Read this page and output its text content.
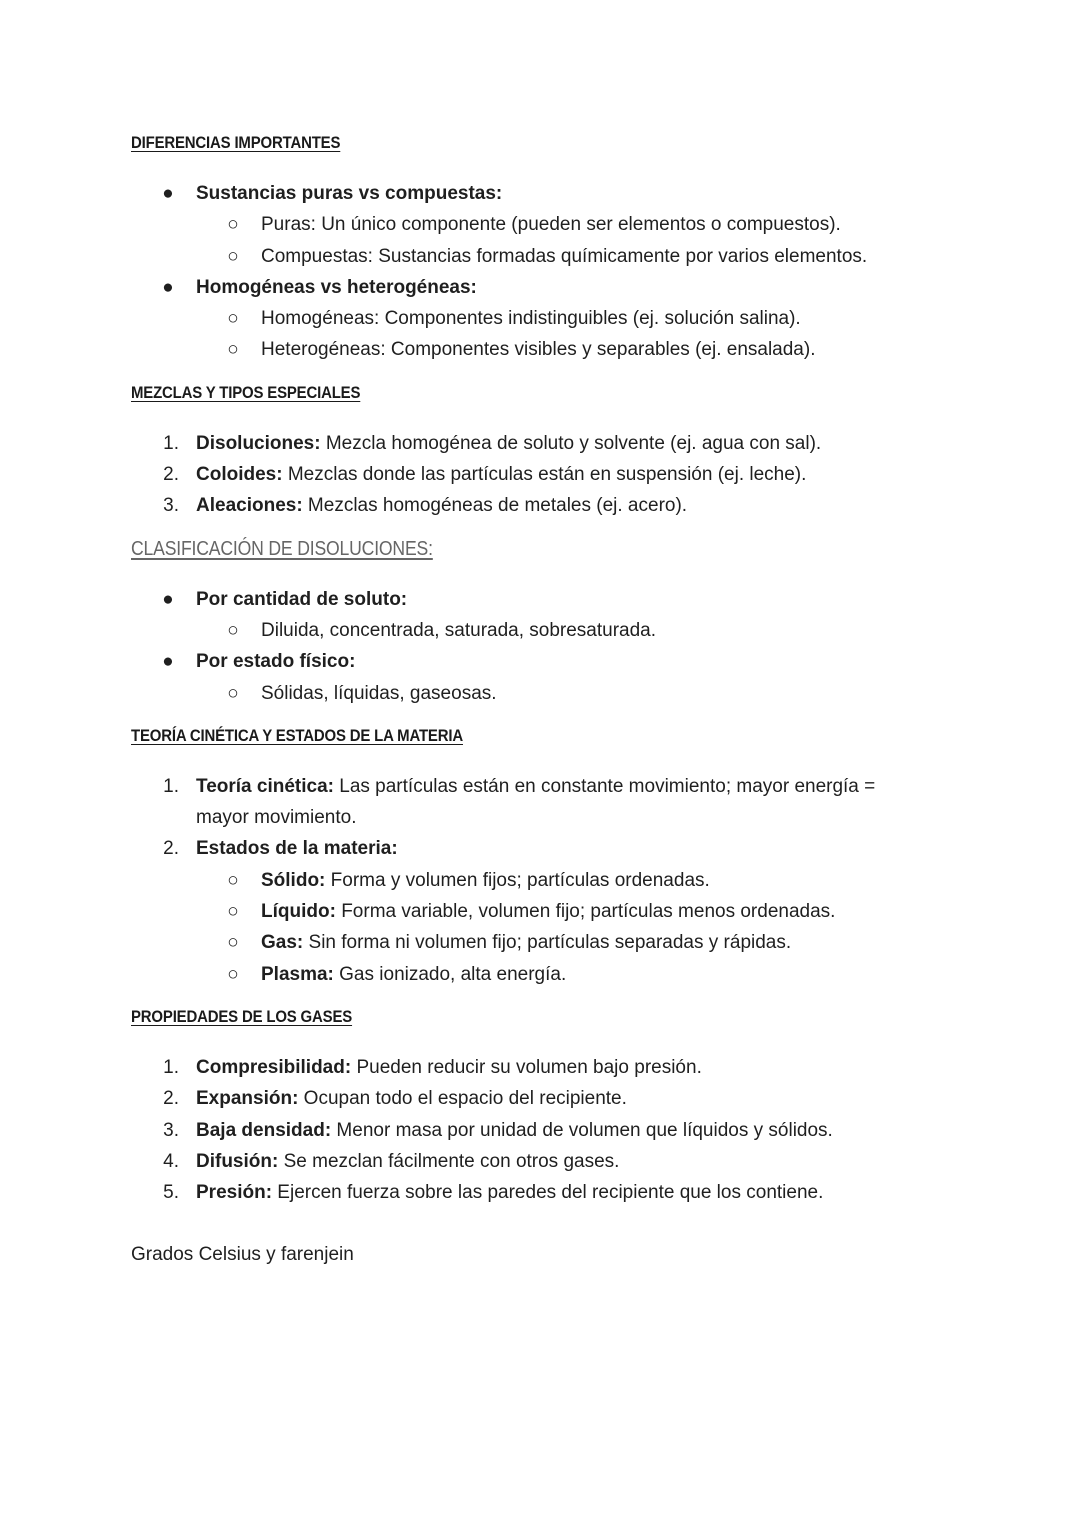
DIFERENCIAS IMPORTANTES

● Sustancias puras vs compuestas:
○ Puras: Un único componente (pueden ser elementos o compuestos).
○ Compuestas: Sustancias formadas químicamente por varios elementos.
● Homogéneas vs heterogéneas:
○ Homogéneas: Componentes indistinguibles (ej. solución salina).
○ Heterogéneas: Componentes visibles y separables (ej. ensalada).

MEZCLAS Y TIPOS ESPECIALES

1. Disoluciones: Mezcla homogénea de soluto y solvente (ej. agua con sal).
2. Coloides: Mezclas donde las partículas están en suspensión (ej. leche).
3. Aleaciones: Mezclas homogéneas de metales (ej. acero).

CLASIFICACIÓN DE DISOLUCIONES:

● Por cantidad de soluto:
○ Diluida, concentrada, saturada, sobresaturada.
● Por estado físico:
○ Sólidas, líquidas, gaseosas.

TEORÍA CINÉTICA Y ESTADOS DE LA MATERIA

1. Teoría cinética: Las partículas están en constante movimiento; mayor energía =
mayor movimiento.
2. Estados de la materia:
○ Sólido: Forma y volumen fijos; partículas ordenadas.
○ Líquido: Forma variable, volumen fijo; partículas menos ordenadas.
○ Gas: Sin forma ni volumen fijo; partículas separadas y rápidas.
○ Plasma: Gas ionizado, alta energía.

PROPIEDADES DE LOS GASES

1. Compresibilidad: Pueden reducir su volumen bajo presión.
2. Expansión: Ocupan todo el espacio del recipiente.
3. Baja densidad: Menor masa por unidad de volumen que líquidos y sólidos.
4. Difusión: Se mezclan fácilmente con otros gases.
5. Presión: Ejercen fuerza sobre las paredes del recipiente que los contiene.

Grados Celsius y farenjein
